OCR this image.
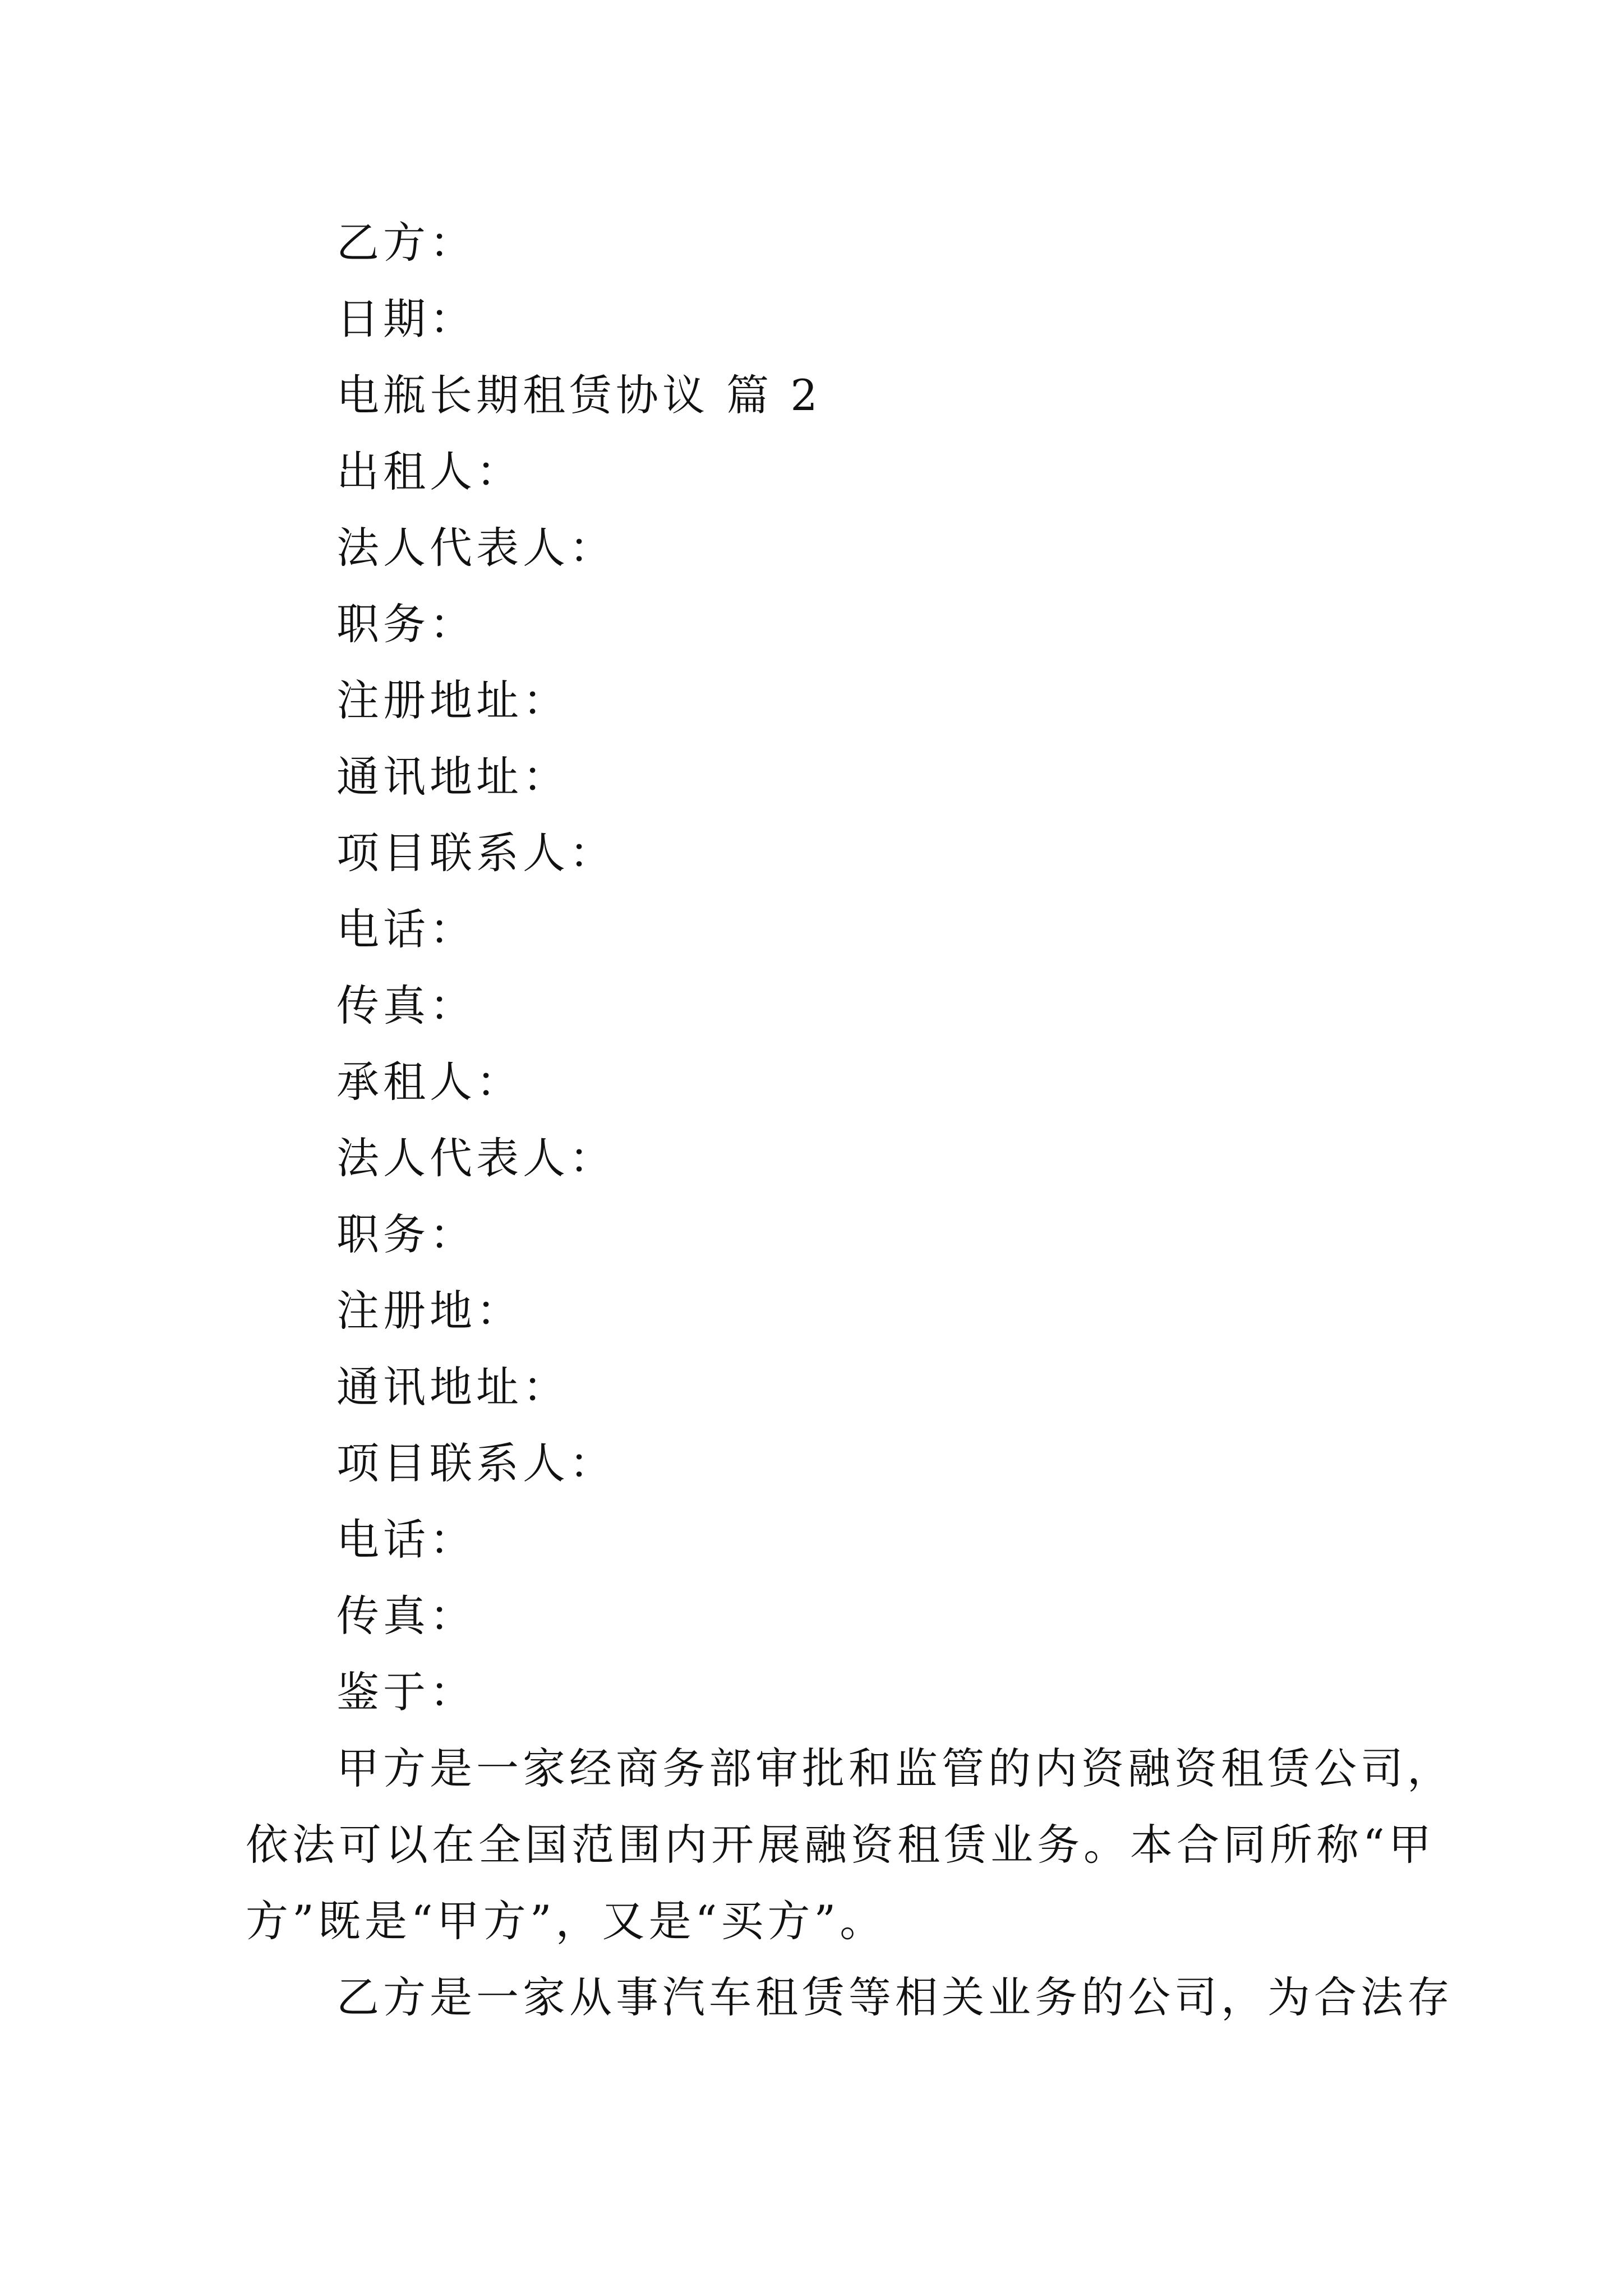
乙方：
日期：
电瓶长期租赁协议 篇 2
出租人：
法人代表人：
职务：
注册地址：
通讯地址：
项目联系人：
电话：
传真：
承租人：
法人代表人：
职务：
注册地：
通讯地址：
项目联系人：
电话：
传真：
鉴于：
甲方是一家经商务部审批和监管的内资融资租赁公司，
依法可以在全国范围内开展融资租赁业务。本合同所称“甲
方”既是“甲方”，又是“买方”。
乙方是一家从事汽车租赁等相关业务的公司，为合法存
